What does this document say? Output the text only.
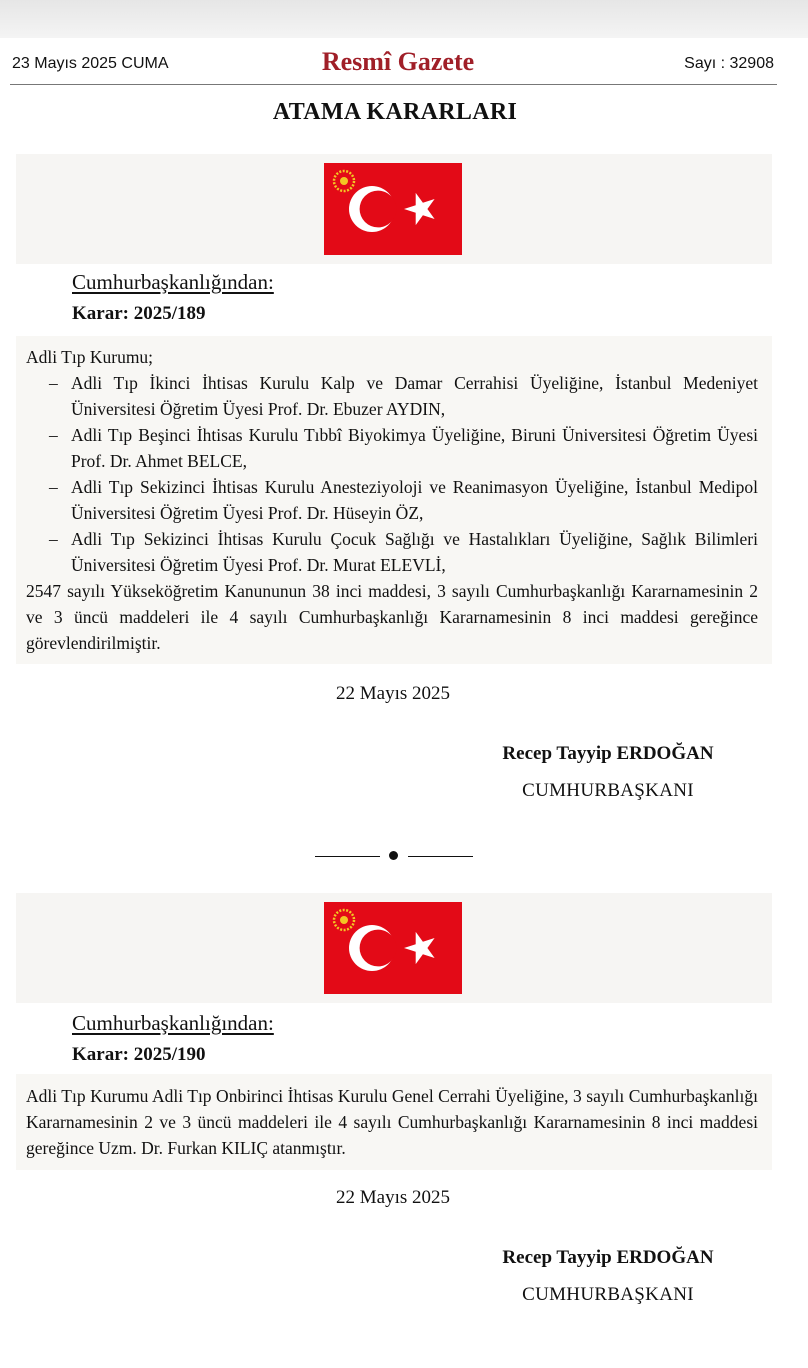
23 Mayıs 2025 CUMA	Resmî Gazete	Sayı : 32908
ATAMA KARARLARI
Cumhurbaşkanlığından:
Karar: 2025/189

Adli Tıp Kurumu;

– Adli Tıp İkinci İhtisas Kurulu Kalp ve Damar Cerrahisi Üyeliğine, İstanbul Medeniyet Üniversitesi Öğretim Üyesi Prof. Dr. Ebuzer AYDIN,
– Adli Tıp Beşinci İhtisas Kurulu Tıbbî Biyokimya Üyeliğine, Biruni Üniversitesi Öğretim Üyesi Prof. Dr. Ahmet BELCE,
– Adli Tıp Sekizinci İhtisas Kurulu Anesteziyoloji ve Reanimasyon Üyeliğine, İstanbul Medipol Üniversitesi Öğretim Üyesi Prof. Dr. Hüseyin ÖZ,
– Adli Tıp Sekizinci İhtisas Kurulu Çocuk Sağlığı ve Hastalıkları Üyeliğine, Sağlık Bilimleri Üniversitesi Öğretim Üyesi Prof. Dr. Murat ELEVLİ,

2547 sayılı Yükseköğretim Kanununun 38 inci maddesi, 3 sayılı Cumhurbaşkanlığı Kararnamesinin 2 ve 3 üncü maddeleri ile 4 sayılı Cumhurbaşkanlığı Kararnamesinin 8 inci maddesi gereğince görevlendirilmiştir.

22 Mayıs 2025
Recep Tayyip ERDOĞAN
CUMHURBAŞKANI
Cumhurbaşkanlığından:
Karar: 2025/190

Adli Tıp Kurumu Adli Tıp Onbirinci İhtisas Kurulu Genel Cerrahi Üyeliğine, 3 sayılı Cumhurbaşkanlığı Kararnamesinin 2 ve 3 üncü maddeleri ile 4 sayılı Cumhurbaşkanlığı Kararnamesinin 8 inci maddesi gereğince Uzm. Dr. Furkan KILIÇ atanmıştır.

22 Mayıs 2025
Recep Tayyip ERDOĞAN
CUMHURBAŞKANI
